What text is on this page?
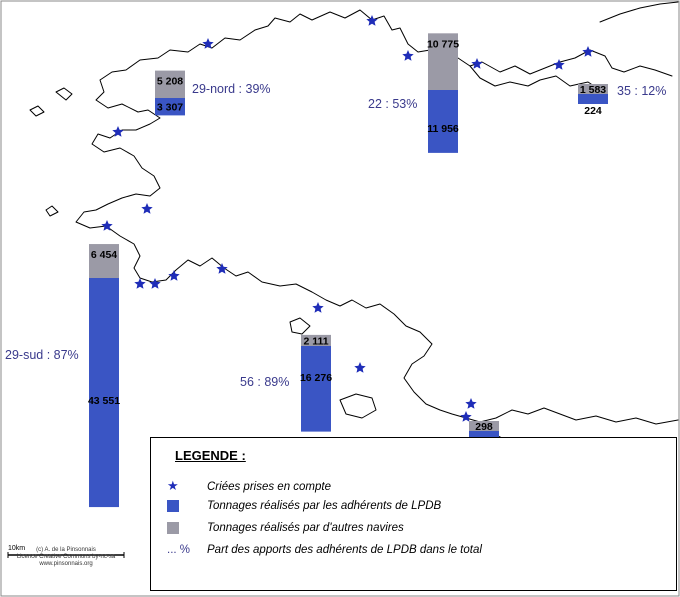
5 208
3 307
10 775
11 956
1 583
224
6 454
43 551
2 111
16 276
298
29-nord : 39%
22 : 53%
35 : 12%
29-sud : 87%
56 : 89%
10km	(c) A. de la Pinsonnais
Licence Creative Commons by-nc-sa
www.pinsonnais.org
LEGENDE :
★ Criées prises en compte
Tonnages réalisés par les adhérents de LPDB
Tonnages réalisés par d'autres navires
... % Part des apports des adhérents de LPDB dans le total
